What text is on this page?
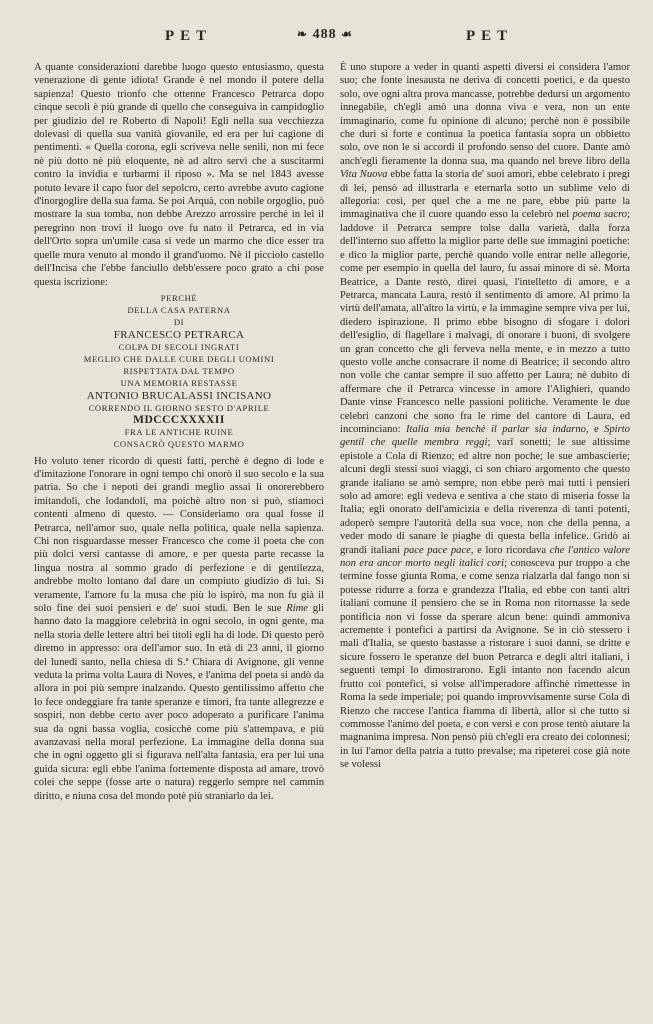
PET	❧ 488 ☙	PET

A quante considerazioni darebbe luogo questo entusiasmo, questa venerazione di gente idiota! Grande è nel mondo il potere della sapienza! Questo trionfo che ottenne Francesco Petrarca dopo cinque secoli è più grande di quello che conseguiva in campidoglio per giudizio del re Roberto di Napoli! Egli nella sua vecchiezza dolevasi di quella sua vanità giovanile, ed era per lui cagione di pentimenti. « Quella corona, egli scriveva nelle senili, non mi fece nè più dotto nè più eloquente, nè ad altro servì che a suscitarmi contro la invidia e turbarmi il riposo ». Ma se nel 1843 avesse potuto levare il capo fuor del sepolcro, certo avrebbe avuto cagione d'inorgoglire della sua fama. Se poi Arquà, con nobile orgoglio, può mostrare la sua tomba, non debbe Arezzo arrossire perchè in lei il peregrino non trovi il luogo ove fu nato il Petrarca, ed in via dell'Orto sopra un'umile casa si vede un marmo che dice esser tra quelle mura venuto al mondo il grand'uomo. Nè il picciolo castello dell'Incisa che l'ebbe fanciullo debb'essere poco grato a chi pose questa iscrizione:

PERCHÈ
DELLA CASA PATERNA
DI
FRANCESCO PETRARCA
COLPA DI SECOLI INGRATI
MEGLIO CHE DALLE CURE DEGLI UOMINI
RISPETTATA DAL TEMPO
UNA MEMORIA RESTASSE
ANTONIO BRUCALASSI INCISANO
CORRENDO IL GIORNO SESTO D'APRILE
MDCCCXXXXII
FRA LE ANTICHE RUINE
CONSACRÒ QUESTO MARMO

Ho voluto tener ricordo di questi fatti, perchè è degno di lode e d'imitazione l'onorare in ogni tempo chi onorò il suo secolo e la sua patria. So che i nepoti dei grandi meglio assai li onorerebbero imitandoli, che lodandoli, ma poichè altro non si può, stiamoci contenti almeno di questo. — Consideriamo ora qual fosse il Petrarca, nell'amor suo, quale nella politica, quale nella sapienza. Chi non risguardasse messer Francesco che come il poeta che con più dolci versi cantasse di amore, e per questa parte recasse la lingua nostra al sommo grado di perfezione e di gentilezza, andrebbe molto lontano dal dare un compiuto giudizio di lui. Si veramente, l'amore fu la musa che più lo ispirò, ma non fu già il solo fine dei suoi pensieri e de' suoi studi. Ben le sue Rime gli hanno dato la maggiore celebrità in ogni secolo, in ogni gente, ma nella storia delle lettere altri bei titoli egli ha di lode. Di questo però diremo in appresso: ora dell'amor suo. In età di 23 anni, il giorno del lunedì santo, nella chiesa di S.ª Chiara di Avignone, gli venne veduta la prima volta Laura di Noves, e l'anima del poeta si andò da allora in poi più sempre inalzando. Questo gentilissimo affetto che lo fece ondeggiare fra tante speranze e timori, fra tante allegrezze e sospiri, non debbe certo aver poco adoperato a purificare l'anima sua da ogni bassa voglia, cosicchè come più s'attempava, e più avanzavasi nella moral perfezione. La immagine della donna sua che in ogni oggetto gli si figurava nell'alta fantasia, era per lui una guida sicura: egli ebbe l'anima fortemente disposta ad amare, trovò colei che seppe (fosse arte o natura) reggerlo sempre nel cammin diritto, e niuna cosa del mondo potè più straniarlo da lei.

È uno stupore a veder in quanti aspetti diversi ei considera l'amor suo; che fonte inesausta ne deriva di concetti poetici, e da questo solo, ove ogni altra prova mancasse, potrebbe dedursi un argomento innegabile, ch'egli amò una donna viva e vera, non un ente immaginario, come fu opinione di alcuno; perchè non è possibile che duri sì forte e continua la poetica fantasia sopra un obbietto solo, ove non le si accordi il profondo senso del cuore. Dante amò anch'egli fieramente la donna sua, ma quando nel breve libro della Vita Nuova ebbe fatta la storia de' suoi amori, ebbe celebrato i pregi di lei, pensò ad illustrarla e eternarla sotto un sublime velo di allegoria: così, per quel che a me ne pare, ebbe più parte la immaginativa che il cuore quando esso la celebrò nel poema sacro; laddove il Petrarca sempre tolse dalla varietà, dalla forza dell'interno suo affetto la miglior parte delle sue immagini poetiche: e dico la miglior parte, perchè quando volle entrar nelle allegorie, come per esempio in quella del lauro, fu assai minore di sè. Morta Beatrice, a Dante restò, direi quasi, l'intelletto di amore, e a Petrarca, mancata Laura, restò il sentimento di amore. Al primo la virtù dell'amata, all'altro la virtù, e la immagine sempre viva per lui, diedero ispirazione. Il primo ebbe bisogno di sfogare i dolori dell'esiglio, di flagellare i malvagi, di onorare i buoni, di svolgere un gran concetto che gli ferveva nella mente, e in mezzo a tutto questo volle anche consacrare il nome di Beatrice; il secondo altro non volle che cantar sempre il suo affetto per Laura; nè dubito di affermare che il Petrarca vincesse in amore l'Alighieri, quando Dante vinse Francesco nelle passioni politiche. Veramente le due celebri canzoni che sono fra le rime del cantore di Laura, ed incominciano: Italia mia benchè il parlar sia indarno, e Spirto gentil che quelle membra reggi; varî sonetti; le sue altissime epistole a Cola di Rienzo; ed altre non poche; le sue ambascierie; alcuni degli stessi suoi viaggi, ci son chiaro argomento che questo grande italiano se amò sempre, non ebbe però mai tutti i pensieri solo ad amore: egli vedeva e sentiva a che stato di miseria fosse la Italia; egli onorato dell'amicizia e della riverenza di tanti potenti, adoperò sempre l'autorità della sua voce, non che della penna, a veder modo di sanare le piaghe di questa bella infelice. Gridò ai grandi italiani pace pace pace, e loro ricordava che l'antico valore non era ancor morto negli italici cori; conosceva pur troppo a che termine fosse giunta Roma, e come senza rialzarla dal fango non si potesse ridurre a forza e grandezza l'Italia, ed ebbe con tanti altri italiani comune il pensiero che se in Roma non ritornasse la sede pontificia non vi fosse da sperare alcun bene: quindi ammoniva acremente i pontefici a partirsi da Avignone. Se in ciò stessero i mali d'Italia, se questo bastasse a ristorare i suoi danni, se dritte e sicure fossero le speranze del buon Petrarca e degli altri italiani, i seguenti tempi lo dimostrarono. Egli intanto non facendo alcun frutto coi pontefici, si volse all'imperadore affinchè rimettesse in Roma la sede imperiale; poi quando improvvisamente surse Cola di Rienzo che raccese l'antica fiamma di libertà, allor sì che tutto si commosse l'animo del poeta, e con versi e con prose tentò aiutare la magnanima impresa. Non pensò più ch'egli era creato dei colonnesi; in lui l'amor della patria a tutto prevalse; ma ripeterei cose già note se volessi
